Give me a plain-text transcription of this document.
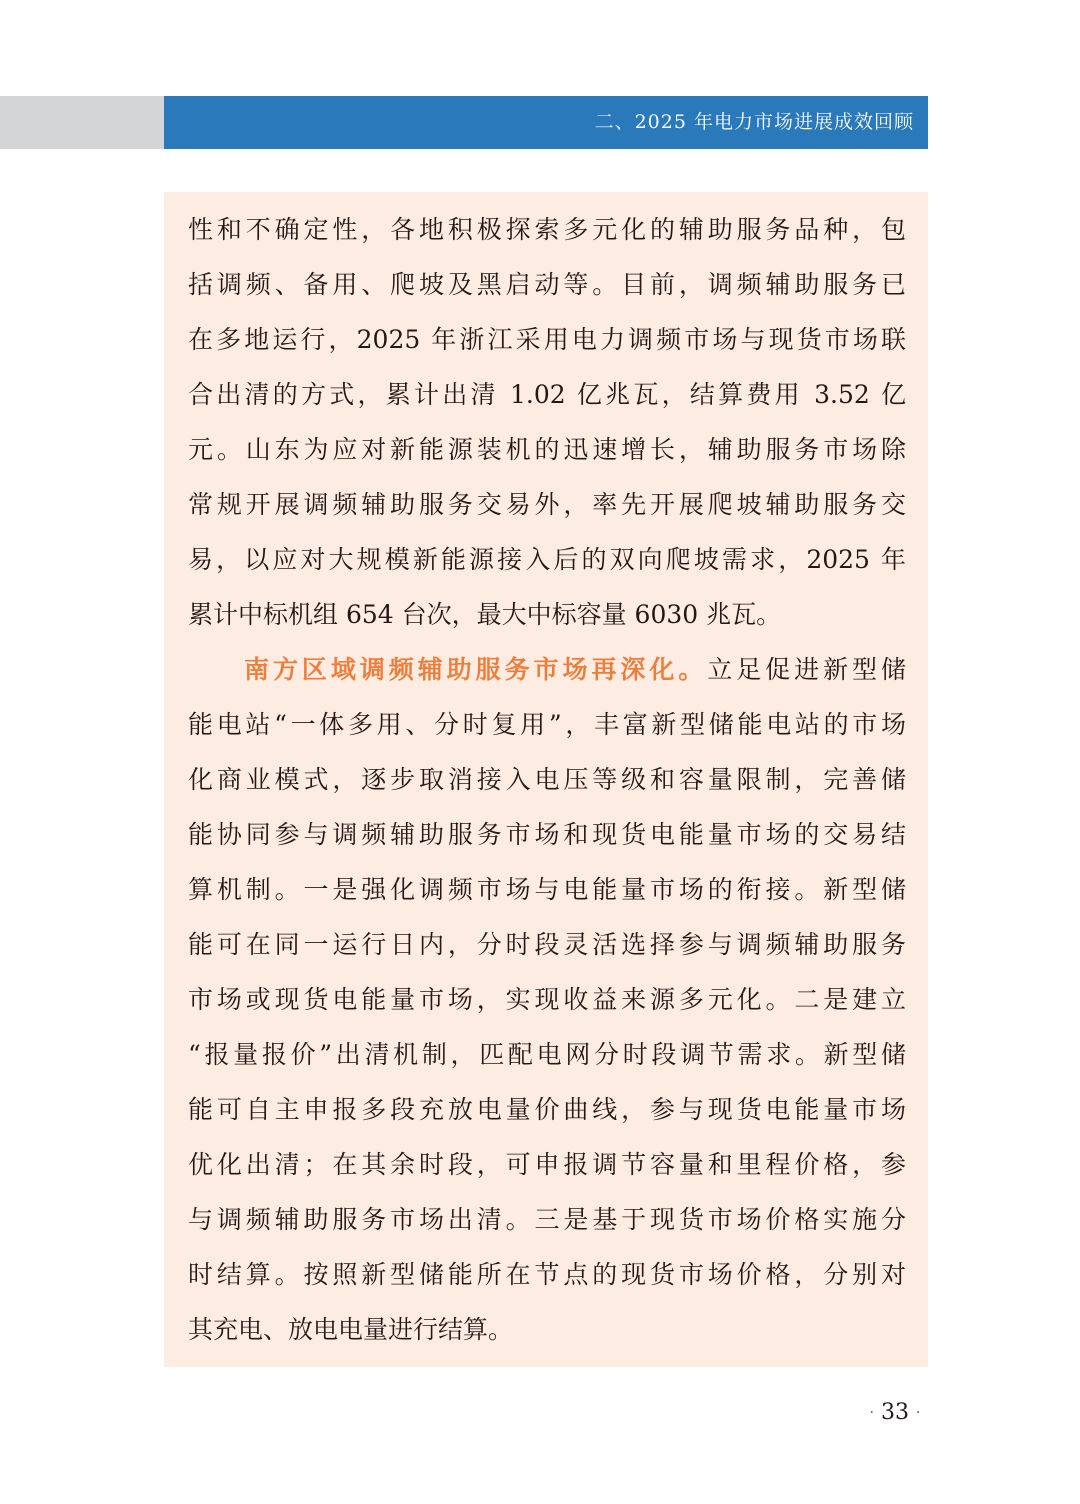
二、2025 年电力市场进展成效回顾
性和不确定性，各地积极探索多元化的辅助服务品种，包
括调频、备用、爬坡及黑启动等。目前，调频辅助服务已
在多地运行，2025 年浙江采用电力调频市场与现货市场联
合出清的方式，累计出清 1.02 亿兆瓦，结算费用 3.52 亿
元。山东为应对新能源装机的迅速增长，辅助服务市场除
常规开展调频辅助服务交易外，率先开展爬坡辅助服务交
易，以应对大规模新能源接入后的双向爬坡需求，2025 年
累计中标机组 654 台次，最大中标容量 6030 兆瓦。
南方区域调频辅助服务市场再深化。立足促进新型储
能电站“一体多用、分时复用”，丰富新型储能电站的市场
化商业模式，逐步取消接入电压等级和容量限制，完善储
能协同参与调频辅助服务市场和现货电能量市场的交易结
算机制。一是强化调频市场与电能量市场的衔接。新型储
能可在同一运行日内，分时段灵活选择参与调频辅助服务
市场或现货电能量市场，实现收益来源多元化。二是建立
“报量报价”出清机制，匹配电网分时段调节需求。新型储
能可自主申报多段充放电量价曲线，参与现货电能量市场
优化出清；在其余时段，可申报调节容量和里程价格，参
与调频辅助服务市场出清。三是基于现货市场价格实施分
时结算。按照新型储能所在节点的现货市场价格，分别对
其充电、放电电量进行结算。
· 33 ·
